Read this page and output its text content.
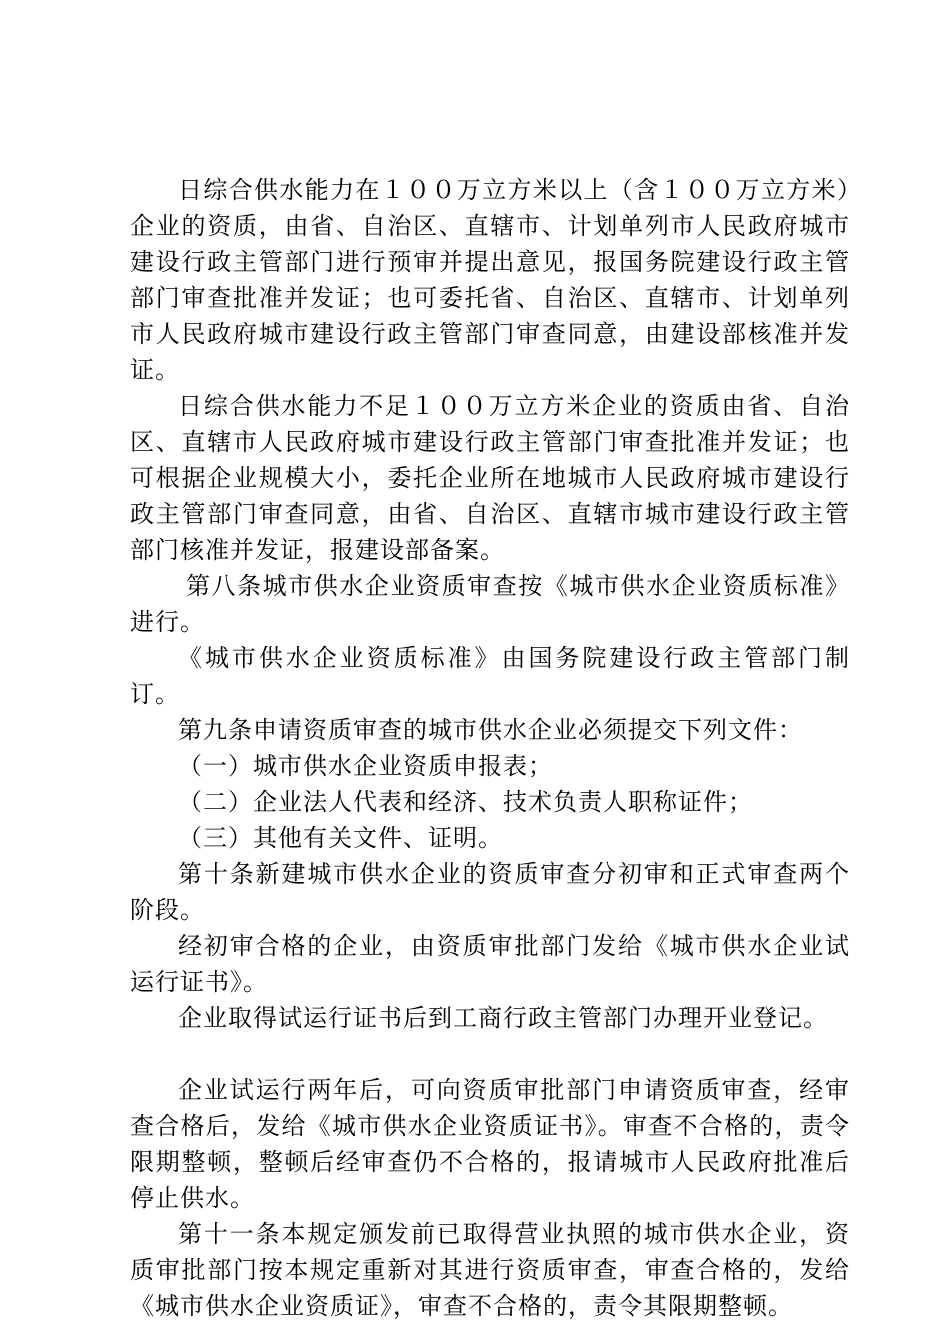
日综合供水能力在１００万立方米以上（含１００万立方米）企业的资质，由省、自治区、直辖市、计划单列市人民政府城市建设行政主管部门进行预审并提出意见，报国务院建设行政主管部门审查批准并发证；也可委托省、自治区、直辖市、计划单列市人民政府城市建设行政主管部门审查同意，由建设部核准并发证。

日综合供水能力不足１００万立方米企业的资质由省、自治区、直辖市人民政府城市建设行政主管部门审查批准并发证；也可根据企业规模大小，委托企业所在地城市人民政府城市建设行政主管部门审查同意，由省、自治区、直辖市城市建设行政主管部门核准并发证，报建设部备案。

第八条城市供水企业资质审查按《城市供水企业资质标准》进行。

《城市供水企业资质标准》由国务院建设行政主管部门制订。

第九条申请资质审查的城市供水企业必须提交下列文件：

（一）城市供水企业资质申报表；

（二）企业法人代表和经济、技术负责人职称证件；

（三）其他有关文件、证明。

第十条新建城市供水企业的资质审查分初审和正式审查两个阶段。

经初审合格的企业，由资质审批部门发给《城市供水企业试运行证书》。

企业取得试运行证书后到工商行政主管部门办理开业登记。

企业试运行两年后，可向资质审批部门申请资质审查，经审查合格后，发给《城市供水企业资质证书》。审查不合格的，责令限期整顿，整顿后经审查仍不合格的，报请城市人民政府批准后停止供水。

第十一条本规定颁发前已取得营业执照的城市供水企业，资质审批部门按本规定重新对其进行资质审查，审查合格的，发给《城市供水企业资质证》，审查不合格的，责令其限期整顿。
